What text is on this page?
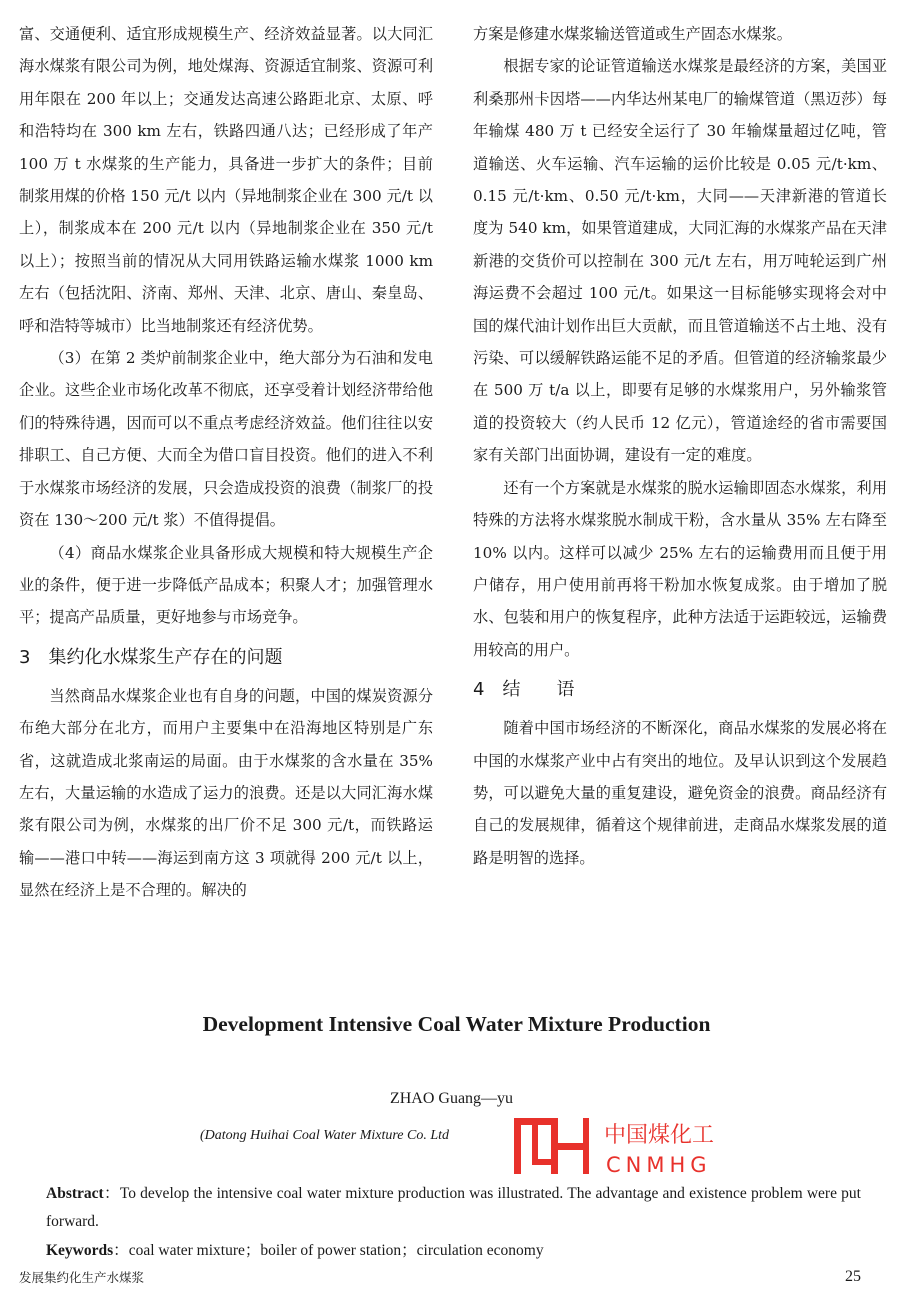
富、交通便利、适宜形成规模生产、经济效益显著。以大同汇海水煤浆有限公司为例，地处煤海、资源适宜制浆、资源可利用年限在 200 年以上；交通发达高速公路距北京、太原、呼和浩特均在 300 km 左右，铁路四通八达；已经形成了年产 100 万 t 水煤浆的生产能力，具备进一步扩大的条件；目前制浆用煤的价格 150 元/t 以内（异地制浆企业在 300 元/t 以上），制浆成本在 200 元/t 以内（异地制浆企业在 350 元/t 以上）；按照当前的情况从大同用铁路运输水煤浆 1000 km 左右（包括沈阳、济南、郑州、天津、北京、唐山、秦皇岛、呼和浩特等城市）比当地制浆还有经济优势。

（3）在第 2 类炉前制浆企业中，绝大部分为石油和发电企业。这些企业市场化改革不彻底，还享受着计划经济带给他们的特殊待遇，因而可以不重点考虑经济效益。他们往往以安排职工、自己方便、大而全为借口盲目投资。他们的进入不利于水煤浆市场经济的发展，只会造成投资的浪费（制浆厂的投资在 130～200 元/t 浆）不值得提倡。

（4）商品水煤浆企业具备形成大规模和特大规模生产企业的条件，便于进一步降低产品成本；积聚人才；加强管理水平；提高产品质量，更好地参与市场竞争。

3　集约化水煤浆生产存在的问题

当然商品水煤浆企业也有自身的问题，中国的煤炭资源分布绝大部分在北方，而用户主要集中在沿海地区特别是广东省，这就造成北浆南运的局面。由于水煤浆的含水量在 35% 左右，大量运输的水造成了运力的浪费。还是以大同汇海水煤浆有限公司为例，水煤浆的出厂价不足 300 元/t，而铁路运输——港口中转——海运到南方这 3 项就得 200 元/t 以上，显然在经济上是不合理的。解决的

方案是修建水煤浆输送管道或生产固态水煤浆。

根据专家的论证管道输送水煤浆是最经济的方案，美国亚利桑那州卡因塔——内华达州某电厂的输煤管道（黑迈莎）每年输煤 480 万 t 已经安全运行了 30 年输煤量超过亿吨，管道输送、火车运输、汽车运输的运价比较是 0.05 元/t·km、0.15 元/t·km、0.50 元/t·km，大同——天津新港的管道长度为 540 km，如果管道建成，大同汇海的水煤浆产品在天津新港的交货价可以控制在 300 元/t 左右，用万吨轮运到广州海运费不会超过 100 元/t。如果这一目标能够实现将会对中国的煤代油计划作出巨大贡献，而且管道输送不占土地、没有污染、可以缓解铁路运能不足的矛盾。但管道的经济输浆最少在 500 万 t/a 以上，即要有足够的水煤浆用户，另外输浆管道的投资较大（约人民币 12 亿元），管道途经的省市需要国家有关部门出面协调，建设有一定的难度。

还有一个方案就是水煤浆的脱水运输即固态水煤浆，利用特殊的方法将水煤浆脱水制成干粉，含水量从 35% 左右降至 10% 以内。这样可以减少 25% 左右的运输费用而且便于用户储存，用户使用前再将干粉加水恢复成浆。由于增加了脱水、包装和用户的恢复程序，此种方法适于运距较远，运输费用较高的用户。

4　结　　语

随着中国市场经济的不断深化，商品水煤浆的发展必将在中国的水煤浆产业中占有突出的地位。及早认识到这个发展趋势，可以避免大量的重复建设，避免资金的浪费。商品经济有自己的发展规律，循着这个规律前进，走商品水煤浆发展的道路是明智的选择。

Development Intensive Coal Water Mixture Production
ZHAO Guang—yu
(Datong Huihai Coal Water Mixture Co. Ltd	中国煤化工
CNMHG
Abstract：To develop the intensive coal water mixture production was illustrated. The advantage and existence problem were put forward.
Keywords：coal water mixture；boiler of power station；circulation economy
发展集约化生产水煤浆	25
